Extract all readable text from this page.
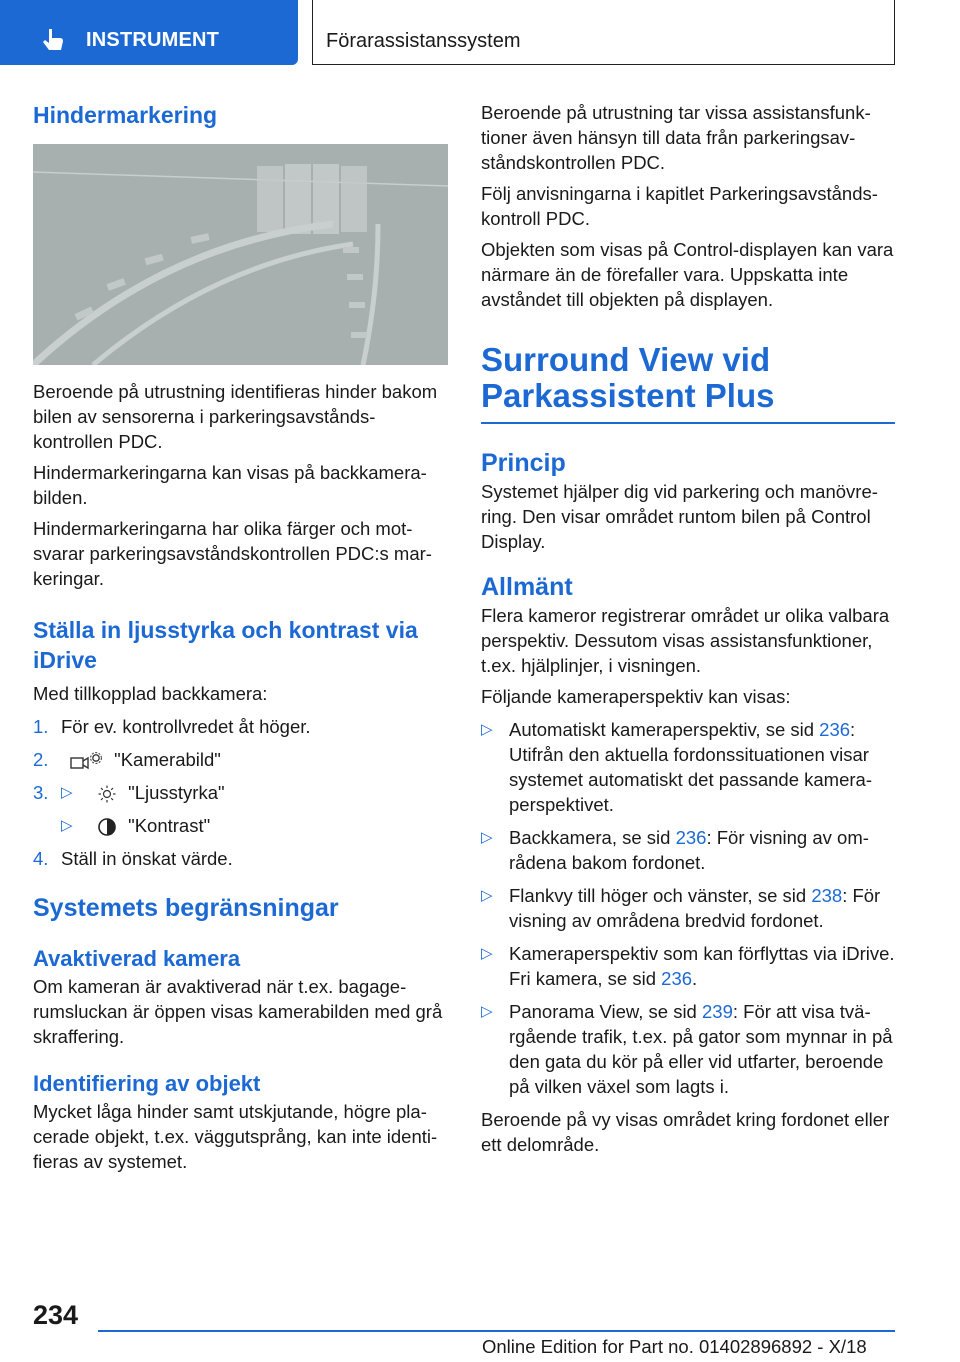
INSTRUMENT	Förarassistanssystem
Hindermarkering

Beroende på utrustning identifieras hinder bakom bilen av sensorerna i parkeringsavståndskontrollen PDC.

Hindermarkeringarna kan visas på backkamerabilden.

Hindermarkeringarna har olika färger och motsvarar parkeringsavståndskontrollen PDC:s markeringar.

Ställa in ljusstyrka och kontrast via iDrive

Med tillkopplad backkamera:

1. För ev. kontrollvredet åt höger.
2.	"Kamerabild"
3. ▷	"Ljusstyrka"
▷	"Kontrast"
4. Ställ in önskat värde.
Systemets begränsningar
Avaktiverad kamera

Om kameran är avaktiverad när t.ex. bagagerumsluckan är öppen visas kamerabilden med grå skraffering.

Identifiering av objekt

Mycket låga hinder samt utskjutande, högre placerade objekt, t.ex. väggutsprång, kan inte identifieras av systemet.

Beroende på utrustning tar vissa assistansfunktioner även hänsyn till data från parkeringsavståndskontrollen PDC.

Följ anvisningarna i kapitlet Parkeringsavståndskontroll PDC.

Objekten som visas på Control-displayen kan vara närmare än de förefaller vara. Uppskatta inte avståndet till objekten på displayen.

Surround View vid Parkassistent Plus
Princip

Systemet hjälper dig vid parkering och manövrering. Den visar området runtom bilen på Control Display.

Allmänt

Flera kameror registrerar området ur olika valbara perspektiv. Dessutom visas assistansfunktioner, t.ex. hjälplinjer, i visningen.

Följande kameraperspektiv kan visas:

▷ Automatiskt kameraperspektiv, se sid 236: Utifrån den aktuella fordonssituationen visar systemet automatiskt det passande kameraperspektivet.
▷ Backkamera, se sid 236: För visning av områdena bakom fordonet.
▷ Flankvy till höger och vänster, se sid 238: För visning av områdena bredvid fordonet.
▷ Kameraperspektiv som kan förflyttas via iDrive. Fri kamera, se sid 236.
▷ Panorama View, se sid 239: För att visa tvärgående trafik, t.ex. på gator som mynnar in på den gata du kör på eller vid utfarter, beroende på vilken växel som lagts i.

Beroende på vy visas området kring fordonet eller ett delområde.

234
Online Edition for Part no. 01402896892 - X/18
